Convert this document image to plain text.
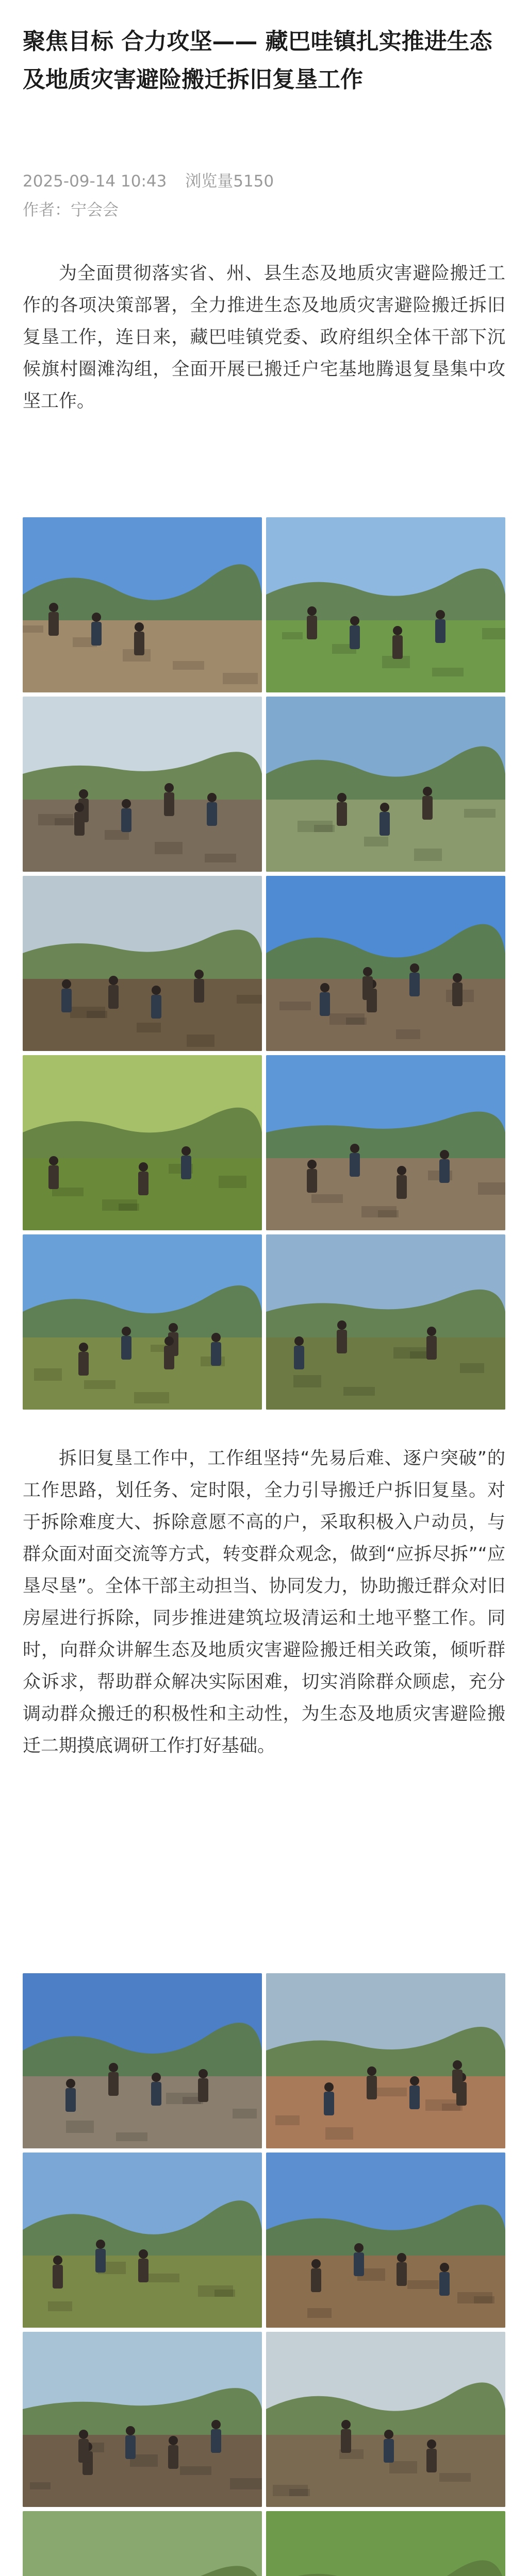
聚焦目标 合力攻坚—— 藏巴哇镇扎实推进生态及地质灾害避险搬迁拆旧复垦工作
2025-09-14 10:43 浏览量5150
作者：宁会会

为全面贯彻落实省、州、县生态及地质灾害避险搬迁工作的各项决策部署，全力推进生态及地质灾害避险搬迁拆旧复垦工作，连日来，藏巴哇镇党委、政府组织全体干部下沉候旗村圈滩沟组，全面开展已搬迁户宅基地腾退复垦集中攻坚工作。

拆旧复垦工作中，工作组坚持“先易后难、逐户突破”的工作思路，划任务、定时限，全力引导搬迁户拆旧复垦。对于拆除难度大、拆除意愿不高的户，采取积极入户动员，与群众面对面交流等方式，转变群众观念，做到“应拆尽拆”“应垦尽垦”。全体干部主动担当、协同发力，协助搬迁群众对旧房屋进行拆除，同步推进建筑垃圾清运和土地平整工作。同时，向群众讲解生态及地质灾害避险搬迁相关政策，倾听群众诉求，帮助群众解决实际困难，切实消除群众顾虑，充分调动群众搬迁的积极性和主动性，为生态及地质灾害避险搬迁二期摸底调研工作打好基础。
